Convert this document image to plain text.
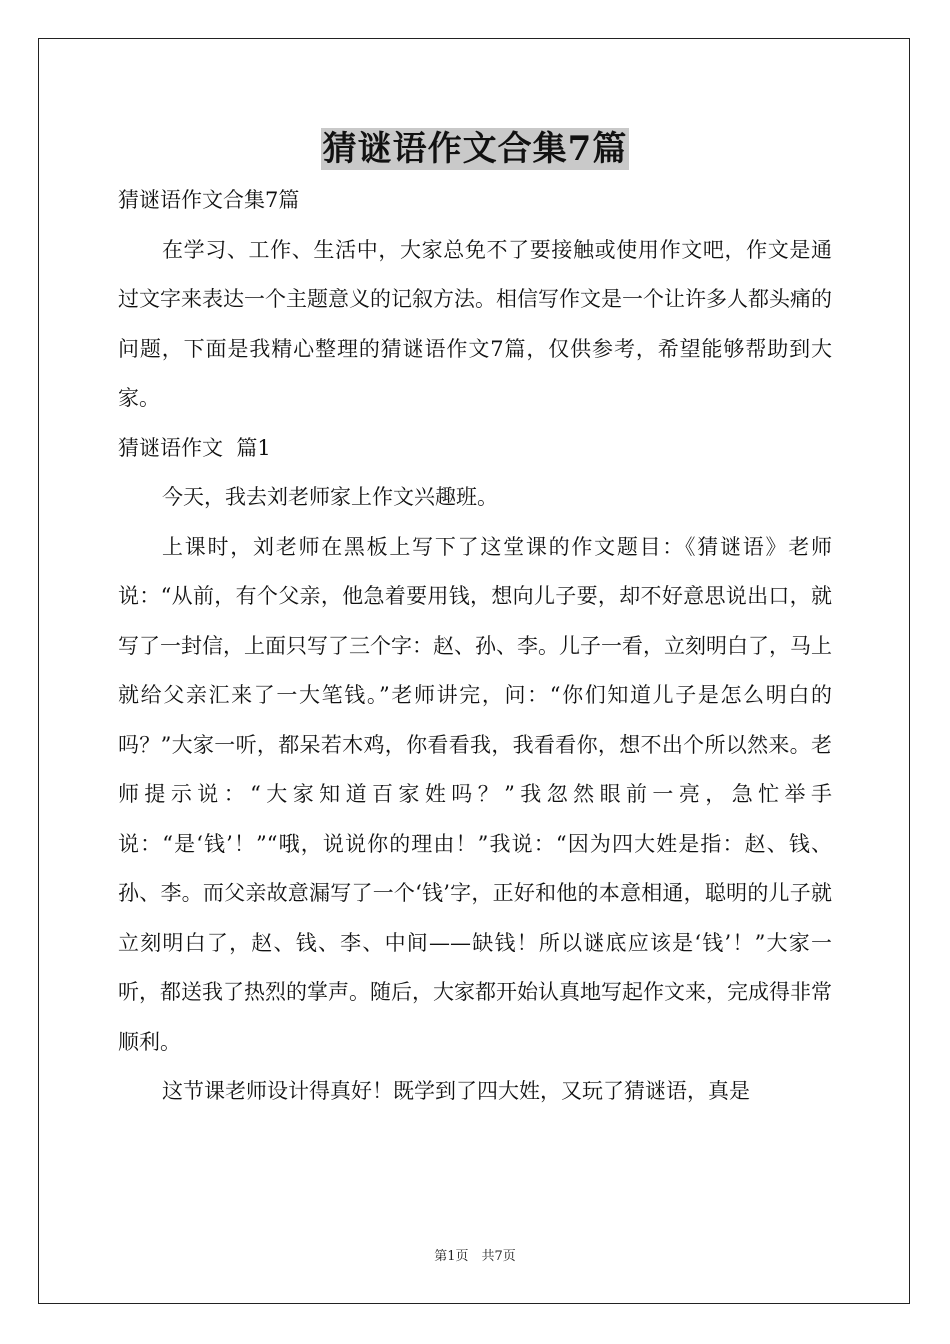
猜谜语作文合集7篇

猜谜语作文合集7篇

在学习、工作、生活中，大家总免不了要接触或使用作文吧，作文是通过文字来表达一个主题意义的记叙方法。相信写作文是一个让许多人都头痛的问题，下面是我精心整理的猜谜语作文7篇，仅供参考，希望能够帮助到大家。

猜谜语作文  篇1

今天，我去刘老师家上作文兴趣班。

上课时，刘老师在黑板上写下了这堂课的作文题目：《猜谜语》老师说：“从前，有个父亲，他急着要用钱，想向儿子要，却不好意思说出口，就写了一封信，上面只写了三个字：赵、孙、李。儿子一看，立刻明白了，马上就给父亲汇来了一大笔钱。”老师讲完，问：“你们知道儿子是怎么明白的吗？”大家一听，都呆若木鸡，你看看我，我看看你，想不出个所以然来。老师提示说：“大家知道百家姓吗？”我忽然眼前一亮，急忙举手说：“是‘钱’！”“哦，说说你的理由！”我说：“因为四大姓是指：赵、钱、孙、李。而父亲故意漏写了一个‘钱’字，正好和他的本意相通，聪明的儿子就立刻明白了，赵、钱、李、中间——缺钱！所以谜底应该是‘钱’！”大家一听，都送我了热烈的掌声。随后，大家都开始认真地写起作文来，完成得非常顺利。

这节课老师设计得真好！既学到了四大姓，又玩了猜谜语，真是

第1页　共7页
